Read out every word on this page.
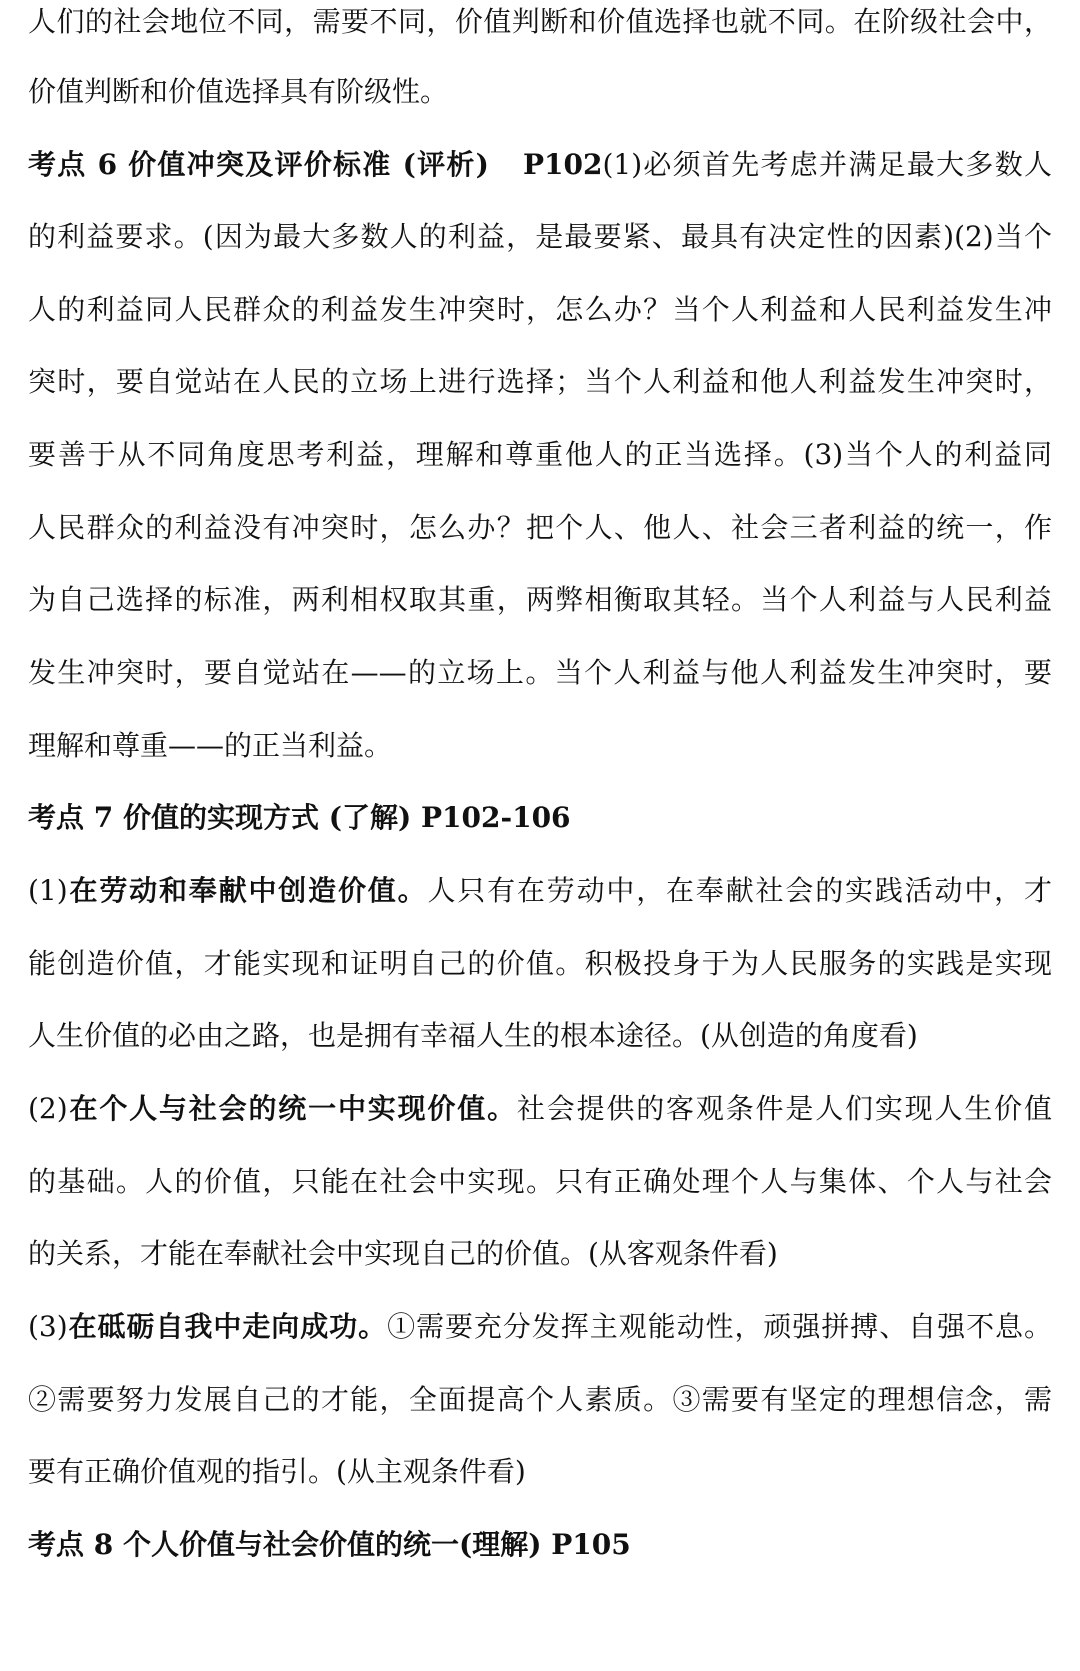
人们的社会地位不同，需要不同，价值判断和价值选择也就不同。在阶级社会中，
价值判断和价值选择具有阶级性。
考点 6 价值冲突及评价标准 (评析) P102(1)必须首先考虑并满足最大多数人
的利益要求。(因为最大多数人的利益，是最要紧、最具有决定性的因素)(2)当个
人的利益同人民群众的利益发生冲突时，怎么办？当个人利益和人民利益发生冲
突时，要自觉站在人民的立场上进行选择；当个人利益和他人利益发生冲突时，
要善于从不同角度思考利益，理解和尊重他人的正当选择。(3)当个人的利益同
人民群众的利益没有冲突时，怎么办？把个人、他人、社会三者利益的统一，作
为自己选择的标准，两利相权取其重，两弊相衡取其轻。当个人利益与人民利益
发生冲突时，要自觉站在——的立场上。当个人利益与他人利益发生冲突时，要
理解和尊重——的正当利益。
考点 7 价值的实现方式 (了解) P102-106
(1)在劳动和奉献中创造价值。人只有在劳动中，在奉献社会的实践活动中，才
能创造价值，才能实现和证明自己的价值。积极投身于为人民服务的实践是实现
人生价值的必由之路，也是拥有幸福人生的根本途径。(从创造的角度看)
(2)在个人与社会的统一中实现价值。社会提供的客观条件是人们实现人生价值
的基础。人的价值，只能在社会中实现。只有正确处理个人与集体、个人与社会
的关系，才能在奉献社会中实现自己的价值。(从客观条件看)
(3)在砥砺自我中走向成功。①需要充分发挥主观能动性，顽强拼搏、自强不息。
②需要努力发展自己的才能，全面提高个人素质。③需要有坚定的理想信念，需
要有正确价值观的指引。(从主观条件看)
考点 8 个人价值与社会价值的统一(理解) P105
